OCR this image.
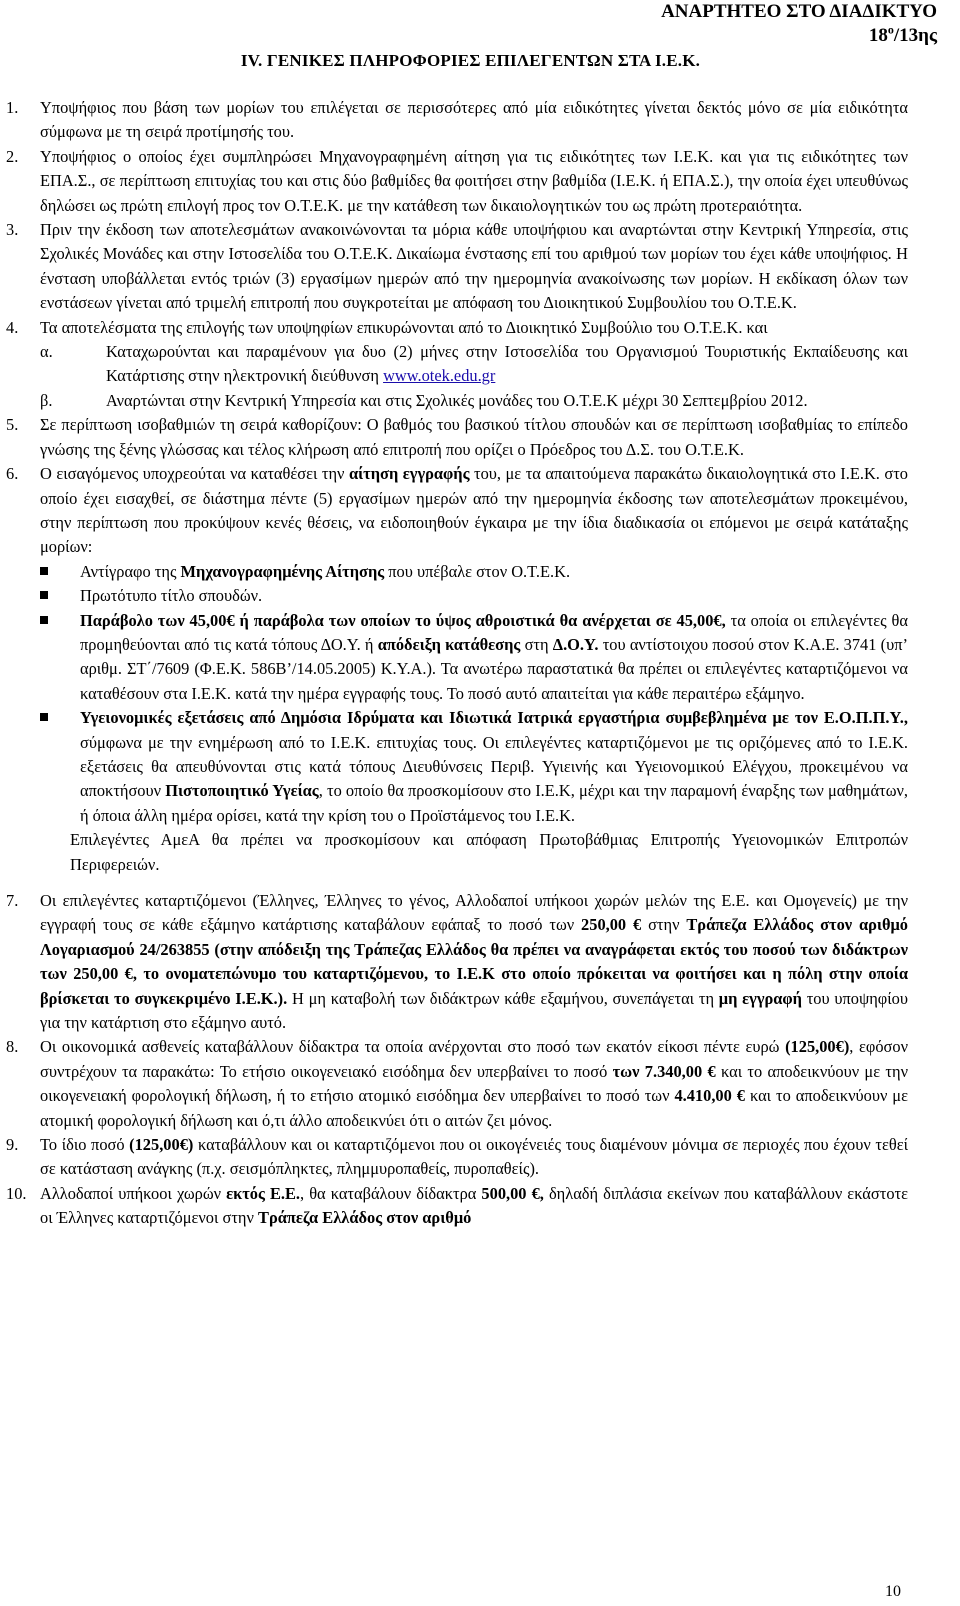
ΑΝΑΡΤΗΤΕΟ ΣΤΟ ΔΙΑΔΙΚΤΥΟ
$18^o/13\eta\varsigma$
IV. ΓΕΝΙΚΕΣ ΠΛΗΡΟΦΟΡΙΕΣ ΕΠΙΛΕΓΕΝΤΩΝ ΣΤΑ Ι.Ε.Κ.
1. Υποψήφιος που βάση των μορίων του επιλέγεται σε περισσότερες από μία ειδικότητες γίνεται δεκτός μόνο σε μία ειδικότητα σύμφωνα με τη σειρά προτίμησής του.
2. Υποψήφιος ο οποίος έχει συμπληρώσει Μηχανογραφημένη αίτηση για τις ειδικότητες των Ι.Ε.Κ. και για τις ειδικότητες των ΕΠΑ.Σ., σε περίπτωση επιτυχίας του και στις δύο βαθμίδες θα φοιτήσει στην βαθμίδα (Ι.Ε.Κ. ή ΕΠΑ.Σ.), την οποία έχει υπευθύνως δηλώσει ως πρώτη επιλογή προς τον Ο.Τ.Ε.Κ. με την κατάθεση των δικαιολογητικών του ως πρώτη προτεραιότητα.
3. Πριν την έκδοση των αποτελεσμάτων ανακοινώνονται τα μόρια κάθε υποψήφιου και αναρτώνται στην Κεντρική Υπηρεσία, στις Σχολικές Μονάδες και στην Ιστοσελίδα του Ο.Τ.Ε.Κ. Δικαίωμα ένστασης επί του αριθμού των μορίων του έχει κάθε υποψήφιος. Η ένσταση υποβάλλεται εντός τριών (3) εργασίμων ημερών από την ημερομηνία ανακοίνωσης των μορίων. Η εκδίκαση όλων των ενστάσεων γίνεται από τριμελή επιτροπή που συγκροτείται με απόφαση του Διοικητικού Συμβουλίου του Ο.Τ.Ε.Κ.
4. Τα αποτελέσματα της επιλογής των υποψηφίων επικυρώνονται από το Διοικητικό Συμβούλιο του Ο.Τ.Ε.Κ. και
α.	Καταχωρούνται και παραμένουν για δυο (2) μήνες στην Ιστοσελίδα του Οργανισμού Τουριστικής Εκπαίδευσης και Κατάρτισης στην ηλεκτρονική διεύθυνση www.otek.edu.gr
β.	Αναρτώνται στην Κεντρική Υπηρεσία και στις Σχολικές μονάδες του Ο.Τ.Ε.Κ μέχρι 30 Σεπτεμβρίου 2012.
5. Σε περίπτωση ισοβαθμιών τη σειρά καθορίζουν: Ο βαθμός του βασικού τίτλου σπουδών και σε περίπτωση ισοβαθμίας το επίπεδο γνώσης της ξένης γλώσσας και τέλος κλήρωση από επιτροπή που ορίζει ο Πρόεδρος του Δ.Σ. του Ο.Τ.Ε.Κ.
6. Ο εισαγόμενος υποχρεούται να καταθέσει την αίτηση εγγραφής του, με τα απαιτούμενα παρακάτω δικαιολογητικά στο Ι.Ε.Κ. στο οποίο έχει εισαχθεί, σε διάστημα πέντε (5) εργασίμων ημερών από την ημερομηνία έκδοσης των αποτελεσμάτων προκειμένου, στην περίπτωση που προκύψουν κενές θέσεις, να ειδοποιηθούν έγκαιρα με την ίδια διαδικασία οι επόμενοι με σειρά κατάταξης μορίων:
Αντίγραφο της Μηχανογραφημένης Αίτησης που υπέβαλε στον Ο.Τ.Ε.Κ.
Πρωτότυπο τίτλο σπουδών.
Παράβολο των 45,00€ ή παράβολα των οποίων το ύψος αθροιστικά θα ανέρχεται σε 45,00€, τα οποία οι επιλεγέντες θα προμηθεύονται από τις κατά τόπους ΔΟ.Υ. ή απόδειξη κατάθεσης στη Δ.Ο.Υ. του αντίστοιχου ποσού στον Κ.Α.Ε. 3741 (υπ’ αριθμ. ΣΤ΄/7609 (Φ.Ε.Κ. 586Β’/14.05.2005) Κ.Υ.Α.). Τα ανωτέρω παραστατικά θα πρέπει οι επιλεγέντες καταρτιζόμενοι να καταθέσουν στα Ι.Ε.Κ. κατά την ημέρα εγγραφής τους. Το ποσό αυτό απαιτείται για κάθε περαιτέρω εξάμηνο.
Υγειονομικές εξετάσεις από Δημόσια Ιδρύματα και Ιδιωτικά Ιατρικά εργαστήρια συμβεβλημένα με τον Ε.Ο.Π.Π.Υ., σύμφωνα με την ενημέρωση από το Ι.Ε.Κ. επιτυχίας τους. Οι επιλεγέντες καταρτιζόμενοι με τις οριζόμενες από το Ι.Ε.Κ. εξετάσεις θα απευθύνονται στις κατά τόπους Διευθύνσεις Περιβ. Υγιεινής και Υγειονομικού Ελέγχου, προκειμένου να αποκτήσουν Πιστοποιητικό Υγείας, το οποίο θα προσκομίσουν στο Ι.Ε.Κ, μέχρι και την παραμονή έναρξης των μαθημάτων, ή όποια άλλη ημέρα ορίσει, κατά την κρίση του ο Προϊστάμενος του Ι.Ε.Κ.
Επιλεγέντες ΑμεΑ θα πρέπει να προσκομίσουν και απόφαση Πρωτοβάθμιας Επιτροπής Υγειονομικών Επιτροπών Περιφερειών.
7. Οι επιλεγέντες καταρτιζόμενοι (Έλληνες, Έλληνες το γένος, Αλλοδαποί υπήκοοι χωρών μελών της Ε.Ε. και Ομογενείς) με την εγγραφή τους σε κάθε εξάμηνο κατάρτισης καταβάλουν εφάπαξ το ποσό των 250,00 € στην Τράπεζα Ελλάδος στον αριθμό Λογαριασμού 24/263855 (στην απόδειξη της Τράπεζας Ελλάδος θα πρέπει να αναγράφεται εκτός του ποσού των διδάκτρων των 250,00 €, το ονοματεπώνυμο του καταρτιζόμενου, το Ι.Ε.Κ στο οποίο πρόκειται να φοιτήσει και η πόλη στην οποία βρίσκεται το συγκεκριμένο Ι.Ε.Κ.). Η μη καταβολή των διδάκτρων κάθε εξαμήνου, συνεπάγεται τη μη εγγραφή του υποψηφίου για την κατάρτιση στο εξάμηνο αυτό.
8. Οι οικονομικά ασθενείς καταβάλλουν δίδακτρα τα οποία ανέρχονται στο ποσό των εκατόν είκοσι πέντε ευρώ (125,00€), εφόσον συντρέχουν τα παρακάτω: Το ετήσιο οικογενειακό εισόδημα δεν υπερβαίνει το ποσό των 7.340,00 € και το αποδεικνύουν με την οικογενειακή φορολογική δήλωση, ή το ετήσιο ατομικό εισόδημα δεν υπερβαίνει το ποσό των 4.410,00 € και το αποδεικνύουν με ατομική φορολογική δήλωση και ό,τι άλλο αποδεικνύει ότι ο αιτών ζει μόνος.
9. Το ίδιο ποσό (125,00€) καταβάλλουν και οι καταρτιζόμενοι που οι οικογένειές τους διαμένουν μόνιμα σε περιοχές που έχουν τεθεί σε κατάσταση ανάγκης (π.χ. σεισμόπληκτες, πλημμυροπαθείς, πυροπαθείς).
10. Αλλοδαποί υπήκοοι χωρών εκτός Ε.Ε., θα καταβάλουν δίδακτρα 500,00 €, δηλαδή διπλάσια εκείνων που καταβάλλουν εκάστοτε οι Έλληνες καταρτιζόμενοι στην Τράπεζα Ελλάδος στον αριθμό
10
